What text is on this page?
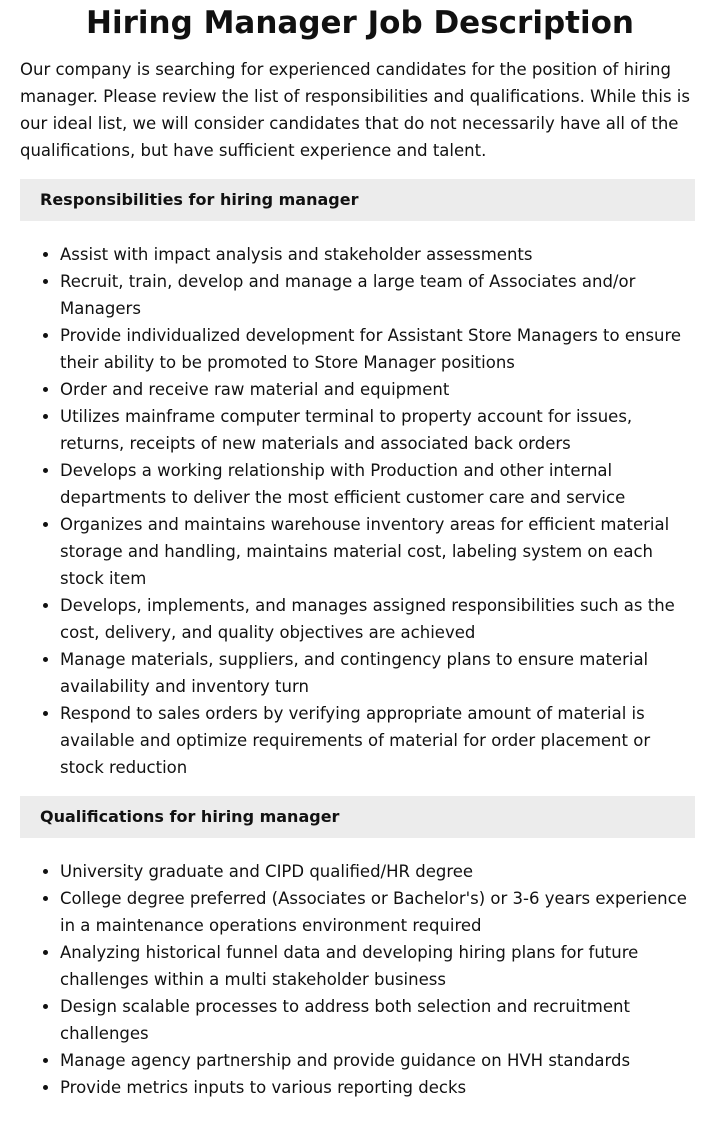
Hiring Manager Job Description

Our company is searching for experienced candidates for the position of hiring manager. Please review the list of responsibilities and qualifications. While this is our ideal list, we will consider candidates that do not necessarily have all of the qualifications, but have sufficient experience and talent.

Responsibilities for hiring manager
• Assist with impact analysis and stakeholder assessments
• Recruit, train, develop and manage a large team of Associates and/or Managers
• Provide individualized development for Assistant Store Managers to ensure their ability to be promoted to Store Manager positions
• Order and receive raw material and equipment
• Utilizes mainframe computer terminal to property account for issues, returns, receipts of new materials and associated back orders
• Develops a working relationship with Production and other internal departments to deliver the most efficient customer care and service
• Organizes and maintains warehouse inventory areas for efficient material storage and handling, maintains material cost, labeling system on each stock item
• Develops, implements, and manages assigned responsibilities such as the cost, delivery, and quality objectives are achieved
• Manage materials, suppliers, and contingency plans to ensure material availability and inventory turn
• Respond to sales orders by verifying appropriate amount of material is available and optimize requirements of material for order placement or stock reduction
Qualifications for hiring manager
• University graduate and CIPD qualified/HR degree
• College degree preferred (Associates or Bachelor's) or 3-6 years experience in a maintenance operations environment required
• Analyzing historical funnel data and developing hiring plans for future challenges within a multi stakeholder business
• Design scalable processes to address both selection and recruitment challenges
• Manage agency partnership and provide guidance on HVH standards
• Provide metrics inputs to various reporting decks
